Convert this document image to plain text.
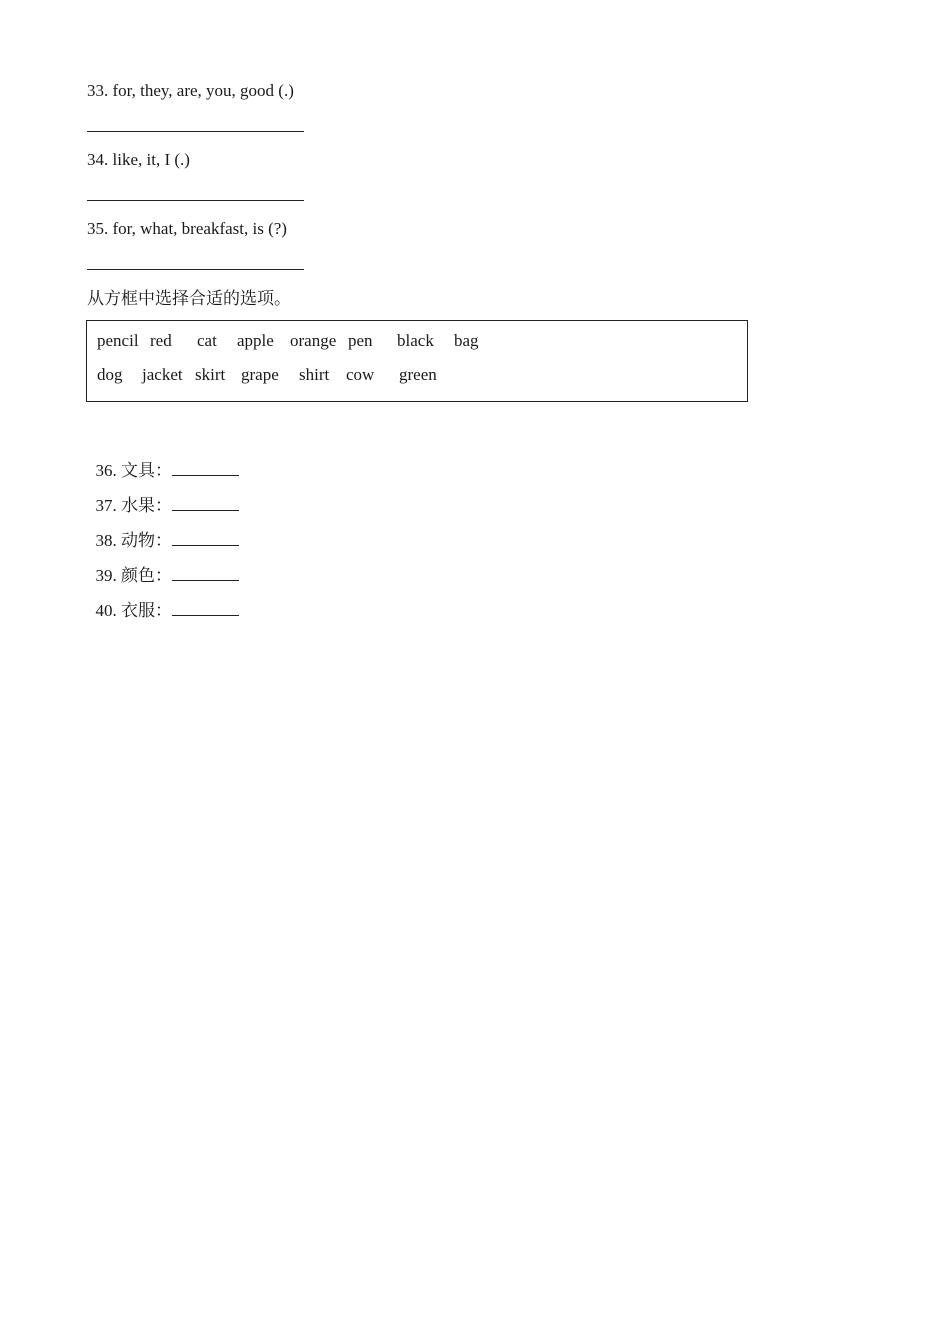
33. for, they, are, you, good (.)
34. like, it, I (.)
35. for, what, breakfast, is (?)
从方框中选择合适的选项。
pencil red cat apple orange pen black bag
dog jacket skirt grape shirt cow green

36. 文具：

37. 水果：

38. 动物：

39. 颜色：

40. 衣服：
